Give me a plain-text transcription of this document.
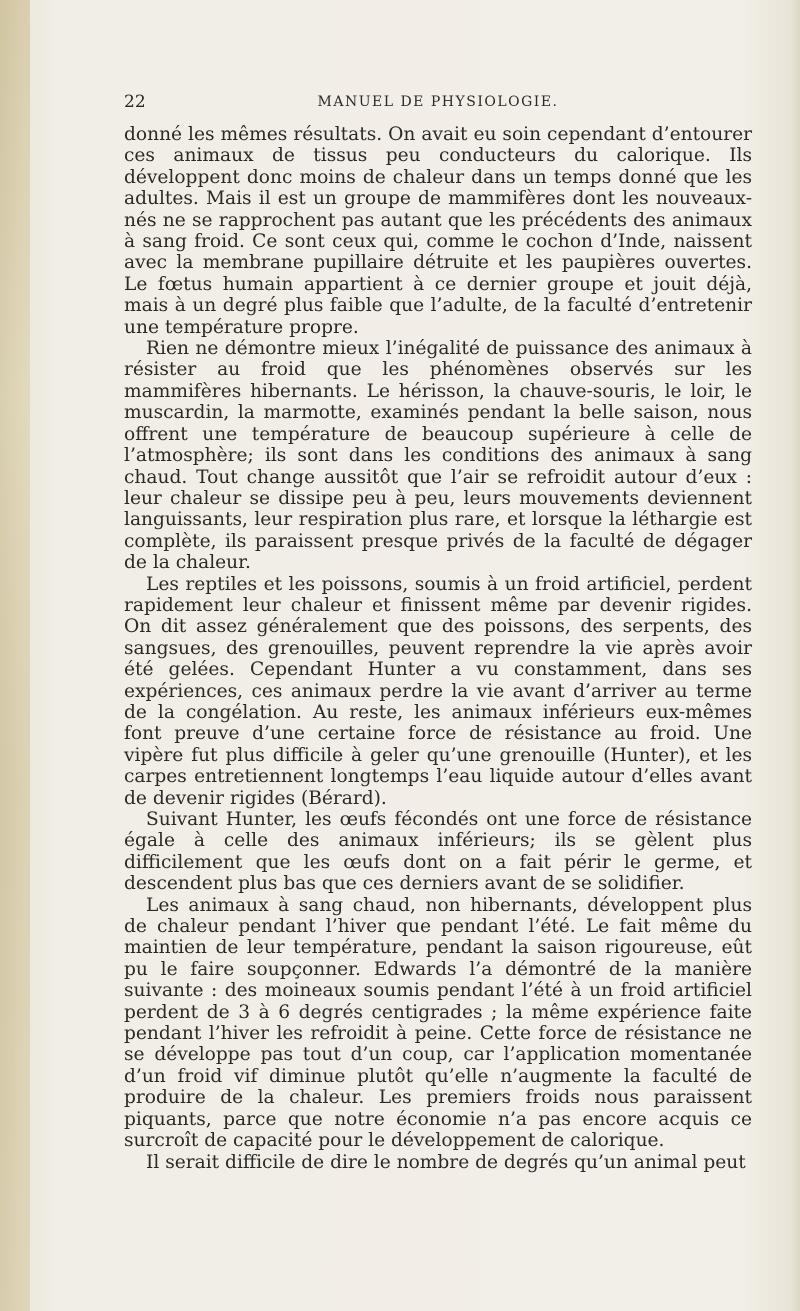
22	MANUEL DE PHYSIOLOGIE.

donné les mêmes résultats. On avait eu soin cependant d’entourer ces animaux de tissus peu conducteurs du calorique. Ils développent donc moins de chaleur dans un temps donné que les adultes. Mais il est un groupe de mammifères dont les nouveaux-nés ne se rapprochent pas autant que les précédents des animaux à sang froid. Ce sont ceux qui, comme le cochon d’Inde, naissent avec la membrane pupillaire détruite et les paupières ouvertes. Le fœtus humain appartient à ce dernier groupe et jouit déjà, mais à un degré plus faible que l’adulte, de la faculté d’entretenir une température propre.

Rien ne démontre mieux l’inégalité de puissance des animaux à résister au froid que les phénomènes observés sur les mammifères hibernants. Le hérisson, la chauve-souris, le loir, le muscardin, la marmotte, examinés pendant la belle saison, nous offrent une température de beaucoup supérieure à celle de l’atmosphère; ils sont dans les conditions des animaux à sang chaud. Tout change aussitôt que l’air se refroidit autour d’eux : leur chaleur se dissipe peu à peu, leurs mouvements deviennent languissants, leur respiration plus rare, et lorsque la léthargie est complète, ils paraissent presque privés de la faculté de dégager de la chaleur.

Les reptiles et les poissons, soumis à un froid artificiel, perdent rapidement leur chaleur et finissent même par devenir rigides. On dit assez généralement que des poissons, des serpents, des sangsues, des grenouilles, peuvent reprendre la vie après avoir été gelées. Cependant Hunter a vu constamment, dans ses expériences, ces animaux perdre la vie avant d’arriver au terme de la congélation. Au reste, les animaux inférieurs eux-mêmes font preuve d’une certaine force de résistance au froid. Une vipère fut plus difficile à geler qu’une grenouille (Hunter), et les carpes entretiennent longtemps l’eau liquide autour d’elles avant de devenir rigides (Bérard).

Suivant Hunter, les œufs fécondés ont une force de résistance égale à celle des animaux inférieurs; ils se gèlent plus difficilement que les œufs dont on a fait périr le germe, et descendent plus bas que ces derniers avant de se solidifier.

Les animaux à sang chaud, non hibernants, développent plus de chaleur pendant l’hiver que pendant l’été. Le fait même du maintien de leur température, pendant la saison rigoureuse, eût pu le faire soupçonner. Edwards l’a démontré de la manière suivante : des moineaux soumis pendant l’été à un froid artificiel perdent de 3 à 6 degrés centigrades ; la même expérience faite pendant l’hiver les refroidit à peine. Cette force de résistance ne se développe pas tout d’un coup, car l’application momentanée d’un froid vif diminue plutôt qu’elle n’augmente la faculté de produire de la chaleur. Les premiers froids nous paraissent piquants, parce que notre économie n’a pas encore acquis ce surcroît de capacité pour le développement de calorique.

Il serait difficile de dire le nombre de degrés qu’un animal peut
